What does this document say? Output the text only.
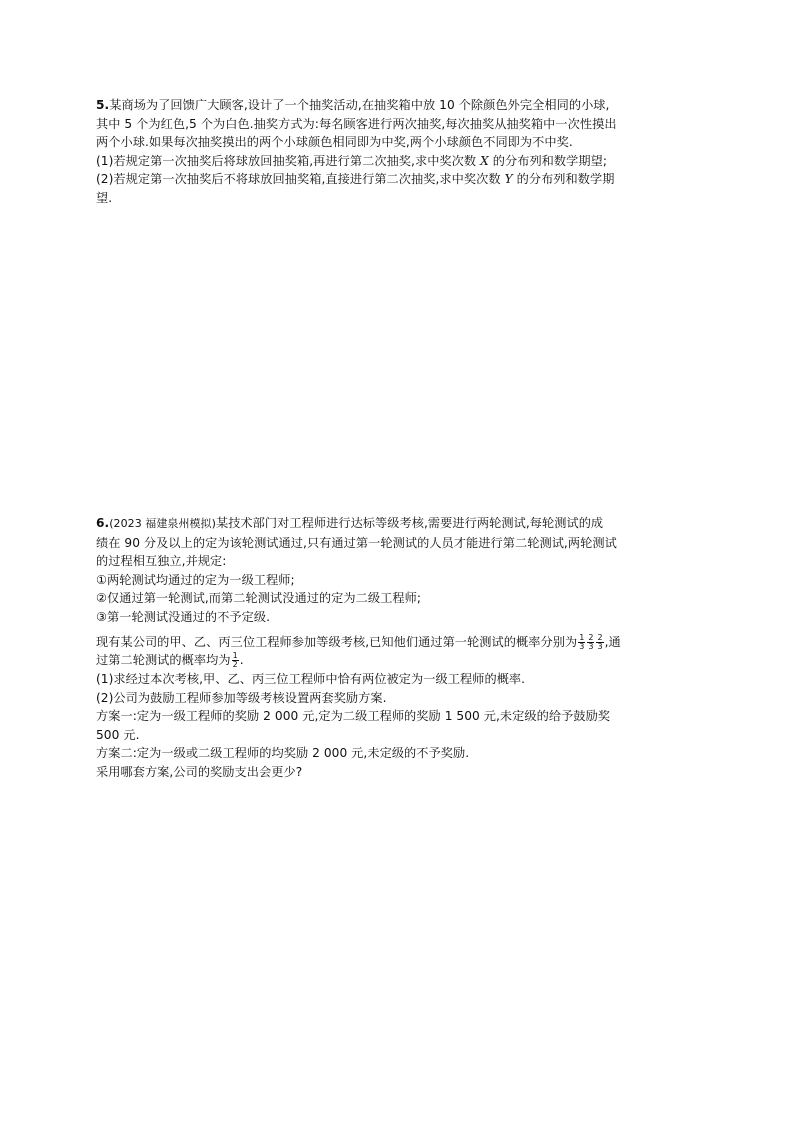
5.某商场为了回馈广大顾客,设计了一个抽奖活动,在抽奖箱中放 10 个除颜色外完全相同的小球,
其中 5 个为红色,5 个为白色.抽奖方式为:每名顾客进行两次抽奖,每次抽奖从抽奖箱中一次性摸出
两个小球.如果每次抽奖摸出的两个小球颜色相同即为中奖,两个小球颜色不同即为不中奖.
(1)若规定第一次抽奖后将球放回抽奖箱,再进行第二次抽奖,求中奖次数 X 的分布列和数学期望;
(2)若规定第一次抽奖后不将球放回抽奖箱,直接进行第二次抽奖,求中奖次数 Y 的分布列和数学期
望.
6.(2023 福建泉州模拟)某技术部门对工程师进行达标等级考核,需要进行两轮测试,每轮测试的成
绩在 90 分及以上的定为该轮测试通过,只有通过第一轮测试的人员才能进行第二轮测试,两轮测试
的过程相互独立,并规定:
①两轮测试均通过的定为一级工程师;
②仅通过第一轮测试,而第二轮测试没通过的定为二级工程师;
③第一轮测试没通过的不予定级.
现有某公司的甲、乙、丙三位工程师参加等级考核,已知他们通过第一轮测试的概率分别为 $\frac{1}{3} \frac{2}{3} \frac{2}{3}$ ,通
过第二轮测试的概率均为 $\frac{1}{2}$ .
(1)求经过本次考核,甲、乙、丙三位工程师中恰有两位被定为一级工程师的概率.
(2)公司为鼓励工程师参加等级考核设置两套奖励方案.
方案一:定为一级工程师的奖励 2 000 元,定为二级工程师的奖励 1 500 元,未定级的给予鼓励奖
500 元.
方案二:定为一级或二级工程师的均奖励 2 000 元,未定级的不予奖励.
采用哪套方案,公司的奖励支出会更少?
